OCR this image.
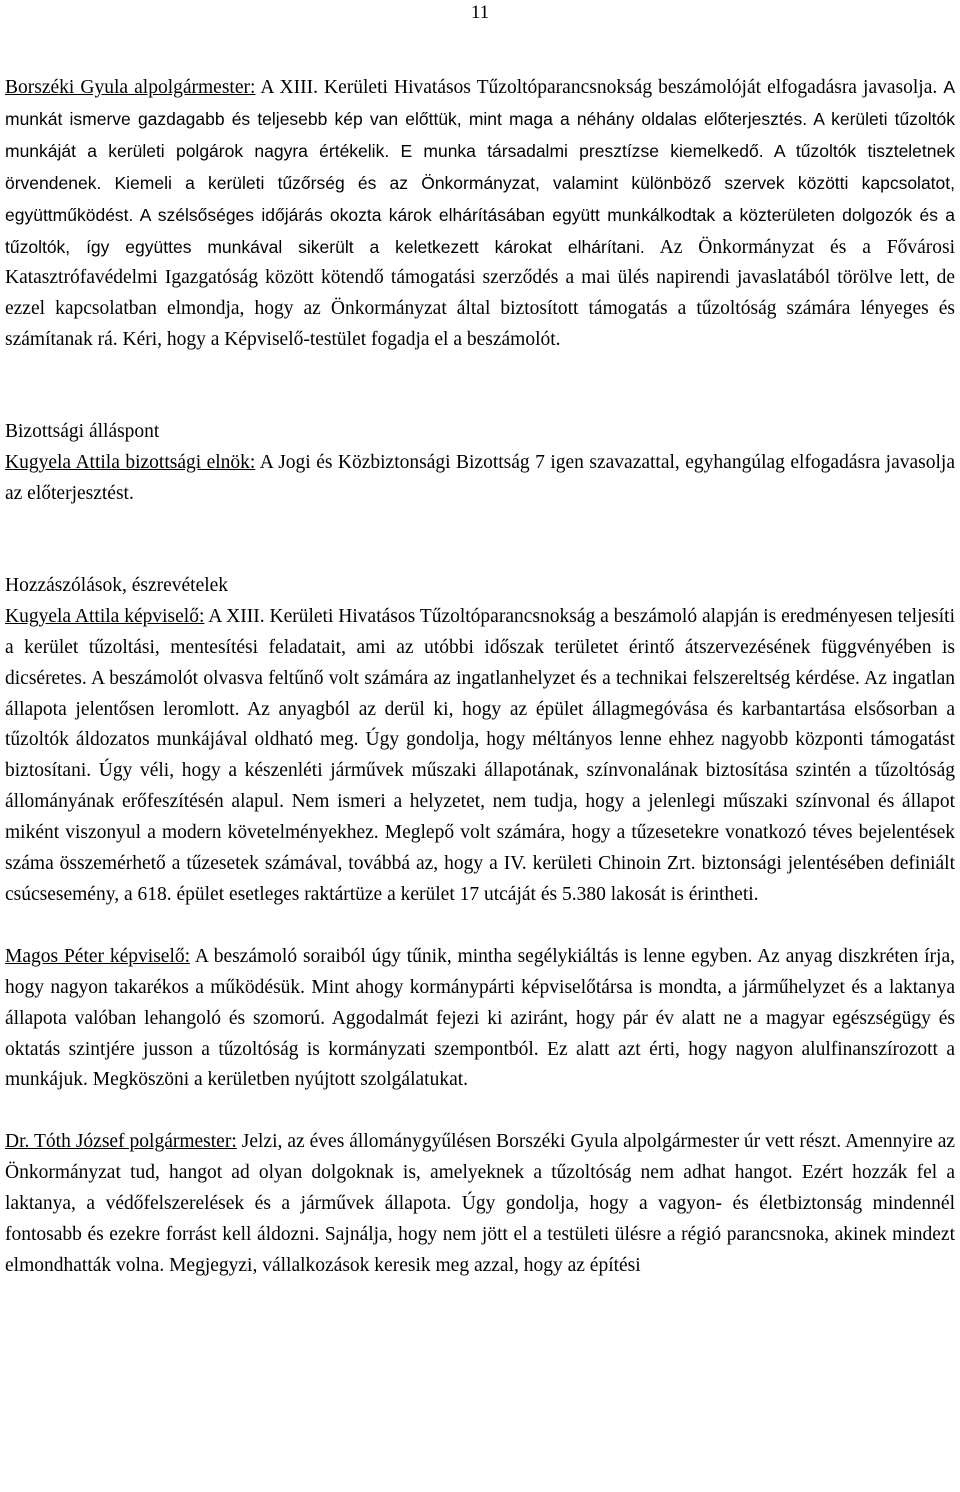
11

Borszéki Gyula alpolgármester: A XIII. Kerületi Hivatásos Tűzoltóparancsnokság beszámolóját elfogadásra javasolja. A munkát ismerve gazdagabb és teljesebb kép van előttük, mint maga a néhány oldalas előterjesztés. A kerületi tűzoltók munkáját a kerületi polgárok nagyra értékelik. E munka társadalmi presztízse kiemelkedő. A tűzoltók tiszteletnek örvendenek. Kiemeli a kerületi tűzőrség és az Önkormányzat, valamint különböző szervek közötti kapcsolatot, együttműködést. A szélsőséges időjárás okozta károk elhárításában együtt munkálkodtak a közterületen dolgozók és a tűzoltók, így együttes munkával sikerült a keletkezett károkat elhárítani. Az Önkormányzat és a Fővárosi Katasztrófavédelmi Igazgatóság között kötendő támogatási szerződés a mai ülés napirendi javaslatából törölve lett, de ezzel kapcsolatban elmondja, hogy az Önkormányzat által biztosított támogatás a tűzoltóság számára lényeges és számítanak rá. Kéri, hogy a Képviselő-testület fogadja el a beszámolót.

Bizottsági álláspont

Kugyela Attila bizottsági elnök: A Jogi és Közbiztonsági Bizottság 7 igen szavazattal, egyhangúlag elfogadásra javasolja az előterjesztést.

Hozzászólások, észrevételek

Kugyela Attila képviselő: A XIII. Kerületi Hivatásos Tűzoltóparancsnokság a beszámoló alapján is eredményesen teljesíti a kerület tűzoltási, mentesítési feladatait, ami az utóbbi időszak területet érintő átszervezésének függvényében is dicséretes. A beszámolót olvasva feltűnő volt számára az ingatlanhelyzet és a technikai felszereltség kérdése. Az ingatlan állapota jelentősen leromlott. Az anyagból az derül ki, hogy az épület állagmegóvása és karbantartása elsősorban a tűzoltók áldozatos munkájával oldható meg. Úgy gondolja, hogy méltányos lenne ehhez nagyobb központi támogatást biztosítani. Úgy véli, hogy a készenléti járművek műszaki állapotának, színvonalának biztosítása szintén a tűzoltóság állományának erőfeszítésén alapul. Nem ismeri a helyzetet, nem tudja, hogy a jelenlegi műszaki színvonal és állapot miként viszonyul a modern követelményekhez. Meglepő volt számára, hogy a tűzesetekre vonatkozó téves bejelentések száma összemérhető a tűzesetek számával, továbbá az, hogy a IV. kerületi Chinoin Zrt. biztonsági jelentésében definiált csúcsesemény, a 618. épület esetleges raktártüze a kerület 17 utcáját és 5.380 lakosát is érintheti.

Magos Péter képviselő: A beszámoló soraiból úgy tűnik, mintha segélykiáltás is lenne egyben. Az anyag diszkréten írja, hogy nagyon takarékos a működésük. Mint ahogy kormánypárti képviselőtársa is mondta, a járműhelyzet és a laktanya állapota valóban lehangoló és szomorú. Aggodalmát fejezi ki aziránt, hogy pár év alatt ne a magyar egészségügy és oktatás szintjére jusson a tűzoltóság is kormányzati szempontból. Ez alatt azt érti, hogy nagyon alulfinanszírozott a munkájuk. Megköszöni a kerületben nyújtott szolgálatukat.

Dr. Tóth József polgármester: Jelzi, az éves állománygyűlésen Borszéki Gyula alpolgármester úr vett részt. Amennyire az Önkormányzat tud, hangot ad olyan dolgoknak is, amelyeknek a tűzoltóság nem adhat hangot. Ezért hozzák fel a laktanya, a védőfelszerelések és a járművek állapota. Úgy gondolja, hogy a vagyon- és életbiztonság mindennél fontosabb és ezekre forrást kell áldozni. Sajnálja, hogy nem jött el a testületi ülésre a régió parancsnoka, akinek mindezt elmondhatták volna. Megjegyzi, vállalkozások keresik meg azzal, hogy az építési
